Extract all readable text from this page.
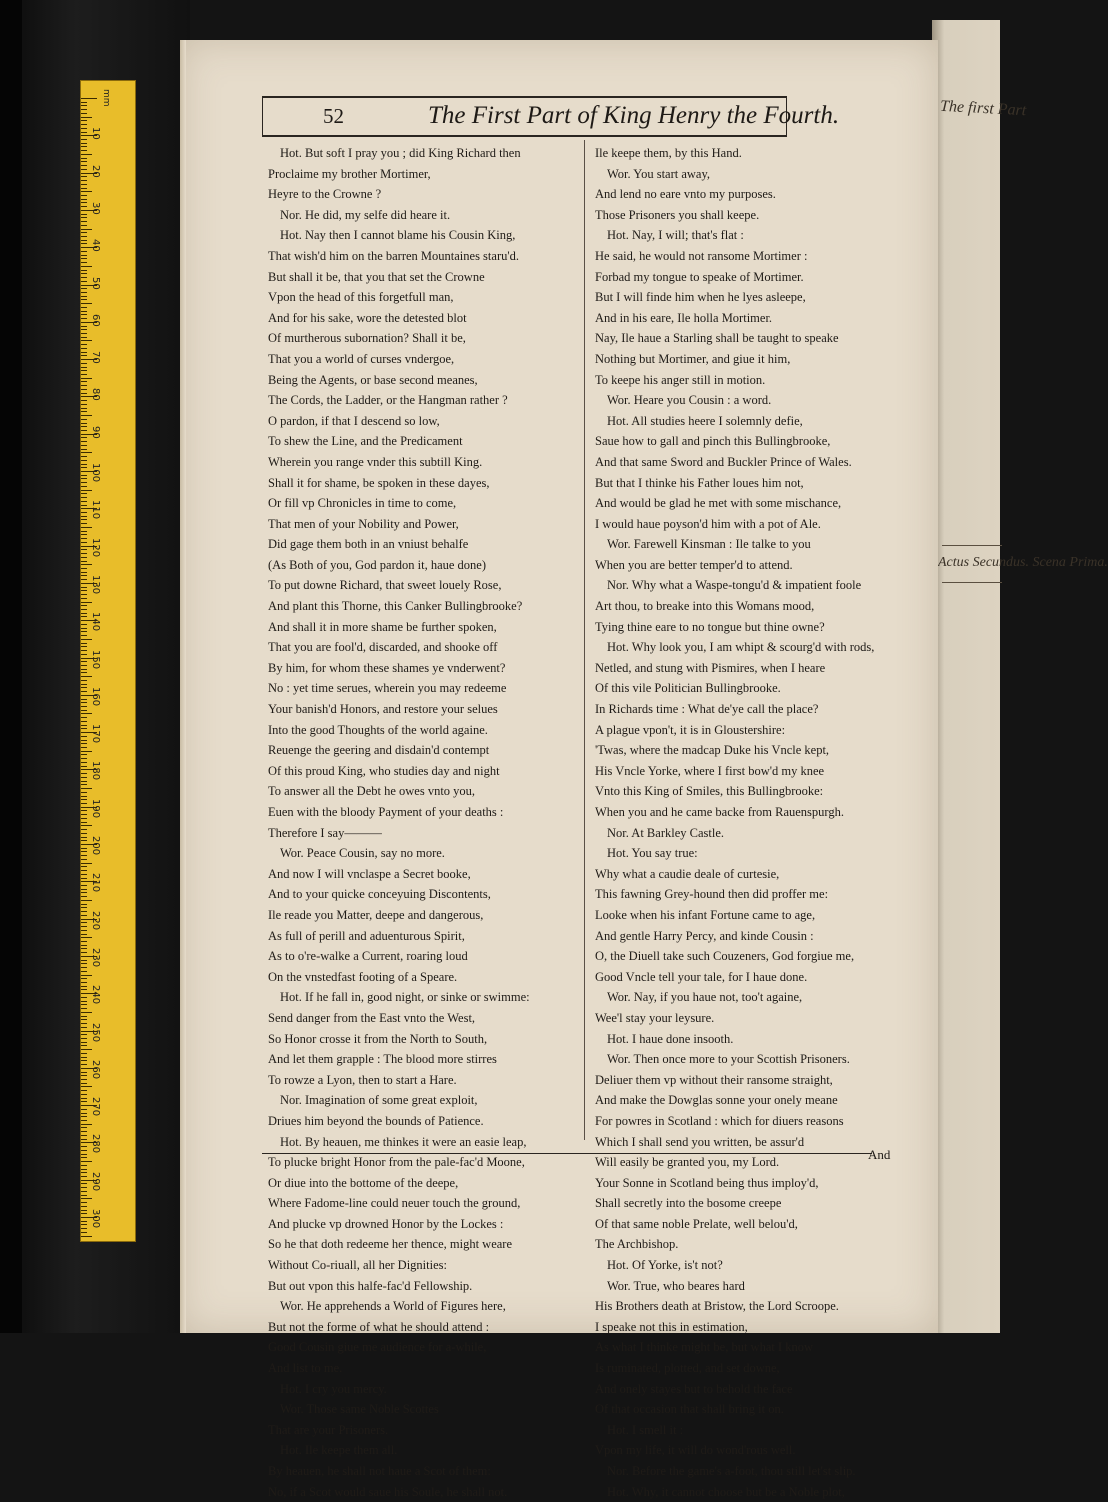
mm
10
20
30
40
50
60
70
80
90
100
110
120
130
140
150
160
170
180
190
200
210
220
230
240
250
260
270
280
290
300
The first Part
Actus Secundus. Scena Prima.
52	The First Part of King Henry the Fourth.
Hot. But soft I pray you ; did King Richard then
Proclaime my brother Mortimer,
Heyre to the Crowne ?
Nor. He did, my selfe did heare it.
Hot. Nay then I cannot blame his Cousin King,
That wish'd him on the barren Mountaines staru'd.
But shall it be, that you that set the Crowne
Vpon the head of this forgetfull man,
And for his sake, wore the detested blot
Of murtherous subornation? Shall it be,
That you a world of curses vndergoe,
Being the Agents, or base second meanes,
The Cords, the Ladder, or the Hangman rather ?
O pardon, if that I descend so low,
To shew the Line, and the Predicament
Wherein you range vnder this subtill King.
Shall it for shame, be spoken in these dayes,
Or fill vp Chronicles in time to come,
That men of your Nobility and Power,
Did gage them both in an vniust behalfe
(As Both of you, God pardon it, haue done)
To put downe Richard, that sweet louely Rose,
And plant this Thorne, this Canker Bullingbrooke?
And shall it in more shame be further spoken,
That you are fool'd, discarded, and shooke off
By him, for whom these shames ye vnderwent?
No : yet time serues, wherein you may redeeme
Your banish'd Honors, and restore your selues
Into the good Thoughts of the world againe.
Reuenge the geering and disdain'd contempt
Of this proud King, who studies day and night
To answer all the Debt he owes vnto you,
Euen with the bloody Payment of your deaths :
Therefore I say———
Wor. Peace Cousin, say no more.
And now I will vnclaspe a Secret booke,
And to your quicke conceyuing Discontents,
Ile reade you Matter, deepe and dangerous,
As full of perill and aduenturous Spirit,
As to o're-walke a Current, roaring loud
On the vnstedfast footing of a Speare.
Hot. If he fall in, good night, or sinke or swimme:
Send danger from the East vnto the West,
So Honor crosse it from the North to South,
And let them grapple : The blood more stirres
To rowze a Lyon, then to start a Hare.
Nor. Imagination of some great exploit,
Driues him beyond the bounds of Patience.
Hot. By heauen, me thinkes it were an easie leap,
To plucke bright Honor from the pale-fac'd Moone,
Or diue into the bottome of the deepe,
Where Fadome-line could neuer touch the ground,
And plucke vp drowned Honor by the Lockes :
So he that doth redeeme her thence, might weare
Without Co-riuall, all her Dignities:
But out vpon this halfe-fac'd Fellowship.
Wor. He apprehends a World of Figures here,
But not the forme of what he should attend :
Good Cousin giue me audience for a-while,
And list to me.
Hot. I cry you mercy.
Wor. Those same Noble Scottes
That are your Prisoners.
Hot. Ile keepe them all.
By heauen, he shall not haue a Scot of them:
No, if a Scot would saue his Soule, he shall not.
Ile keepe them, by this Hand.
Wor. You start away,
And lend no eare vnto my purposes.
Those Prisoners you shall keepe.
Hot. Nay, I will; that's flat :
He said, he would not ransome Mortimer :
Forbad my tongue to speake of Mortimer.
But I will finde him when he lyes asleepe,
And in his eare, Ile holla Mortimer.
Nay, Ile haue a Starling shall be taught to speake
Nothing but Mortimer, and giue it him,
To keepe his anger still in motion.
Wor. Heare you Cousin : a word.
Hot. All studies heere I solemnly defie,
Saue how to gall and pinch this Bullingbrooke,
And that same Sword and Buckler Prince of Wales.
But that I thinke his Father loues him not,
And would be glad he met with some mischance,
I would haue poyson'd him with a pot of Ale.
Wor. Farewell Kinsman : Ile talke to you
When you are better temper'd to attend.
Nor. Why what a Waspe-tongu'd & impatient foole
Art thou, to breake into this Womans mood,
Tying thine eare to no tongue but thine owne?
Hot. Why look you, I am whipt & scourg'd with rods,
Netled, and stung with Pismires, when I heare
Of this vile Politician Bullingbrooke.
In Richards time : What de'ye call the place?
A plague vpon't, it is in Gloustershire:
'Twas, where the madcap Duke his Vncle kept,
His Vncle Yorke, where I first bow'd my knee
Vnto this King of Smiles, this Bullingbrooke:
When you and he came backe from Rauenspurgh.
Nor. At Barkley Castle.
Hot. You say true:
Why what a caudie deale of curtesie,
This fawning Grey-hound then did proffer me:
Looke when his infant Fortune came to age,
And gentle Harry Percy, and kinde Cousin :
O, the Diuell take such Couzeners, God forgiue me,
Good Vncle tell your tale, for I haue done.
Wor. Nay, if you haue not, too't againe,
Wee'l stay your leysure.
Hot. I haue done insooth.
Wor. Then once more to your Scottish Prisoners.
Deliuer them vp without their ransome straight,
And make the Dowglas sonne your onely meane
For powres in Scotland : which for diuers reasons
Which I shall send you written, be assur'd
Will easily be granted you, my Lord.
Your Sonne in Scotland being thus imploy'd,
Shall secretly into the bosome creepe
Of that same noble Prelate, well belou'd,
The Archbishop.
Hot. Of Yorke, is't not?
Wor. True, who beares hard
His Brothers death at Bristow, the Lord Scroope.
I speake not this in estimation,
As what I thinke might be, but what I know
Is ruminated, plotted, and set downe,
And onely stayes but to behold the face
Of that occasion that shall bring it on.
Hot. I smell it :
Vpon my life, it will do wond'rous well.
Nor. Before the game's a-foot, thou still let'st slip.
Hot. Why, it cannot choose but be a Noble plot,
And
